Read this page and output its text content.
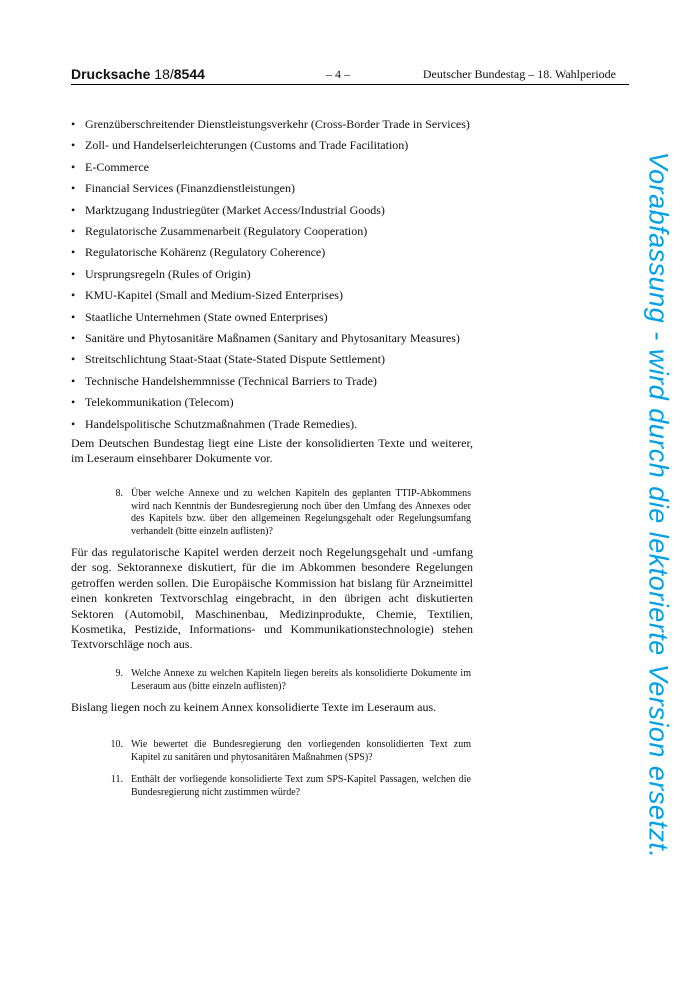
Drucksache 18/8544	– 4 –	Deutscher Bundestag – 18. Wahlperiode
• Grenzüberschreitender Dienstleistungsverkehr (Cross-Border Trade in Services)
• Zoll- und Handelserleichterungen (Customs and Trade Facilitation)
• E-Commerce
• Financial Services (Finanzdienstleistungen)
• Marktzugang Industriegüter (Market Access/Industrial Goods)
• Regulatorische Zusammenarbeit (Regulatory Cooperation)
• Regulatorische Kohärenz (Regulatory Coherence)
• Ursprungsregeln (Rules of Origin)
• KMU-Kapitel (Small and Medium-Sized Enterprises)
• Staatliche Unternehmen (State owned Enterprises)
• Sanitäre und Phytosanitäre Maßnamen (Sanitary and Phytosanitary Measures)
• Streitschlichtung Staat-Staat (State-Stated Dispute Settlement)
• Technische Handelshemmnisse (Technical Barriers to Trade)
• Telekommunikation (Telecom)
• Handelspolitische Schutzmaßnahmen (Trade Remedies).

Dem Deutschen Bundestag liegt eine Liste der konsolidierten Texte und weiterer, im Leseraum einsehbarer Dokumente vor.

8. Über welche Annexe und zu welchen Kapiteln des geplanten TTIP-Abkommens wird nach Kenntnis der Bundesregierung noch über den Umfang des Annexes oder des Kapitels bzw. über den allgemeinen Regelungsgehalt oder Regelungsumfang verhandelt (bitte einzeln auflisten)?

Für das regulatorische Kapitel werden derzeit noch Regelungsgehalt und -umfang der sog. Sektorannexe diskutiert, für die im Abkommen besondere Regelungen getroffen werden sollen. Die Europäische Kommission hat bislang für Arzneimittel einen konkreten Textvorschlag eingebracht, in den übrigen acht diskutierten Sektoren (Automobil, Maschinenbau, Medizinprodukte, Chemie, Textilien, Kosmetika, Pestizide, Informations- und Kommunikationstechnologie) stehen Textvorschläge noch aus.

9. Welche Annexe zu welchen Kapiteln liegen bereits als konsolidierte Dokumente im Leseraum aus (bitte einzeln auflisten)?

Bislang liegen noch zu keinem Annex konsolidierte Texte im Leseraum aus.

10. Wie bewertet die Bundesregierung den vorliegenden konsolidierten Text zum Kapitel zu sanitären und phytosanitären Maßnahmen (SPS)?
11. Enthält der vorliegende konsolidierte Text zum SPS-Kapitel Passagen, welchen die Bundesregierung nicht zustimmen würde?	Vorabfassung - wird durch die lektorierte Version ersetzt.
